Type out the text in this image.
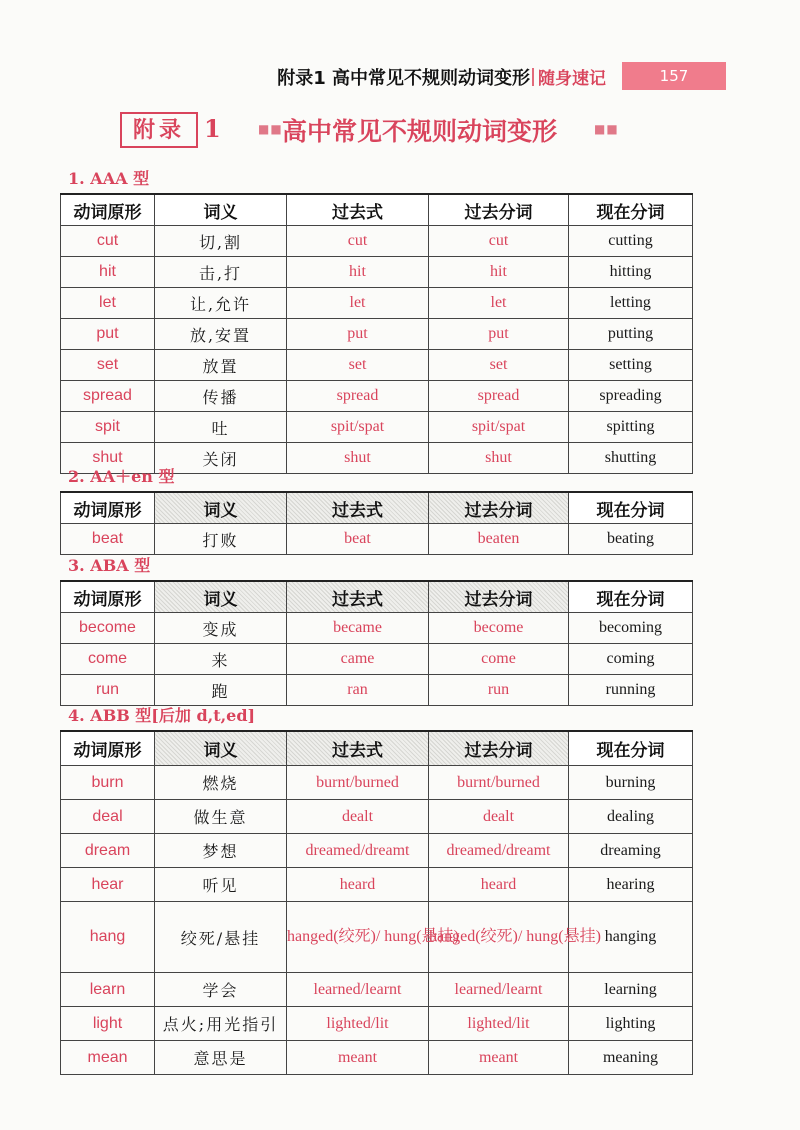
附录1 高中常见不规则动词变形 随身速记	157
附录 1	■■ 高中常见不规则动词变形	■■
1. AAA 型
动词原形	词义	过去式	过去分词	现在分词
cut	切,割	cut	cut	cutting
hit	击,打	hit	hit	hitting
let	让,允许	let	let	letting
put	放,安置	put	put	putting
set	放置	set	set	setting
spread	传播	spread	spread	spreading
spit	吐	spit/spat	spit/spat	spitting
shut	关闭	shut	shut	shutting
2. AA＋en 型
动词原形	词义	过去式	过去分词	现在分词
beat	打败	beat	beaten	beating
3. ABA 型
动词原形	词义	过去式	过去分词	现在分词
become	变成	became	become	becoming
come	来	came	come	coming
run	跑	ran	run	running
4. ABB 型[后加 d,t,ed]
动词原形	词义	过去式	过去分词	现在分词
burn	燃烧	burnt/burned	burnt/burned	burning
deal	做生意	dealt	dealt	dealing
dream	梦想	dreamed/dreamt	dreamed/dreamt	dreaming
hear	听见	heard	heard	hearing
hang	绞死/悬挂	hanged(绞死)/ hung(悬挂)	hanged(绞死)/ hung(悬挂)	hanging
learn	学会	learned/learnt	learned/learnt	learning
light	点火;用光指引	lighted/lit	lighted/lit	lighting
mean	意思是	meant	meant	meaning
